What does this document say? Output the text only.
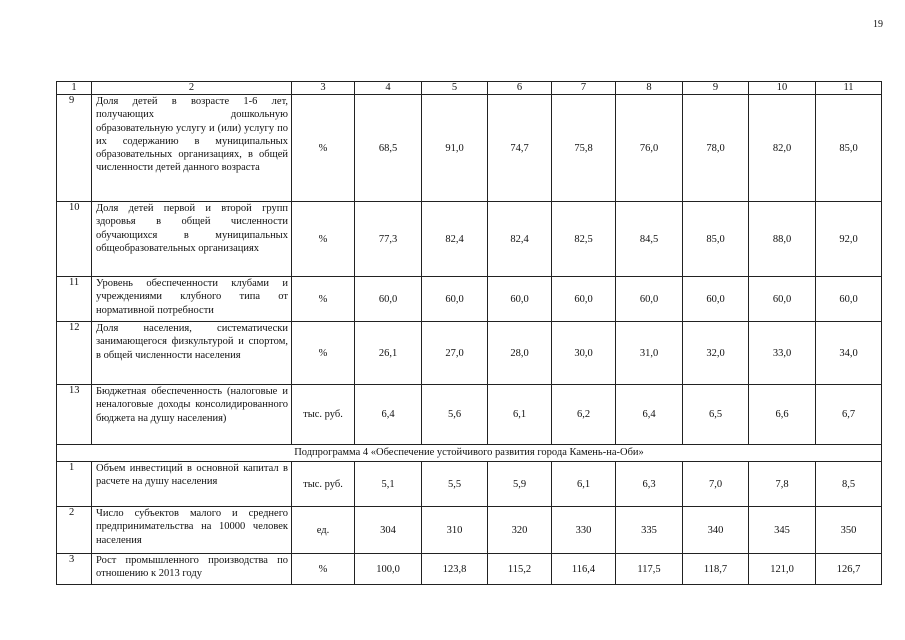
19
1	2	3	4	5	6	7	8	9	10	11
9	Доля детей в возрасте 1-6 лет, получающих дошкольную образовательную услугу и (или) услугу по их содержанию в муниципальных образовательных организациях, в общей численности детей данного возраста	%	68,5	91,0	74,7	75,8	76,0	78,0	82,0	85,0
10	Доля детей первой и второй групп здоровья в общей численности обучающихся в муниципальных общеобразовательных организациях	%	77,3	82,4	82,4	82,5	84,5	85,0	88,0	92,0
11	Уровень обеспеченности клубами и учреждениями клубного типа от нормативной потребности	%	60,0	60,0	60,0	60,0	60,0	60,0	60,0	60,0
12	Доля населения, систематически занимающегося физкультурой и спортом, в общей численности населения	%	26,1	27,0	28,0	30,0	31,0	32,0	33,0	34,0
13	Бюджетная обеспеченность (налоговые и неналоговые доходы консолидированного бюджета на душу населения)	тыс. руб.	6,4	5,6	6,1	6,2	6,4	6,5	6,6	6,7
Подпрограмма 4 «Обеспечение устойчивого развития города Камень-на-Оби»										
1	Объем инвестиций в основной капитал в расчете на душу населения	тыс. руб.	5,1	5,5	5,9	6,1	6,3	7,0	7,8	8,5
2	Число субъектов малого и среднего предпринимательства на 10000 человек населения	ед.	304	310	320	330	335	340	345	350
3	Рост промышленного производства по отношению к 2013 году	%	100,0	123,8	115,2	116,4	117,5	118,7	121,0	126,7
